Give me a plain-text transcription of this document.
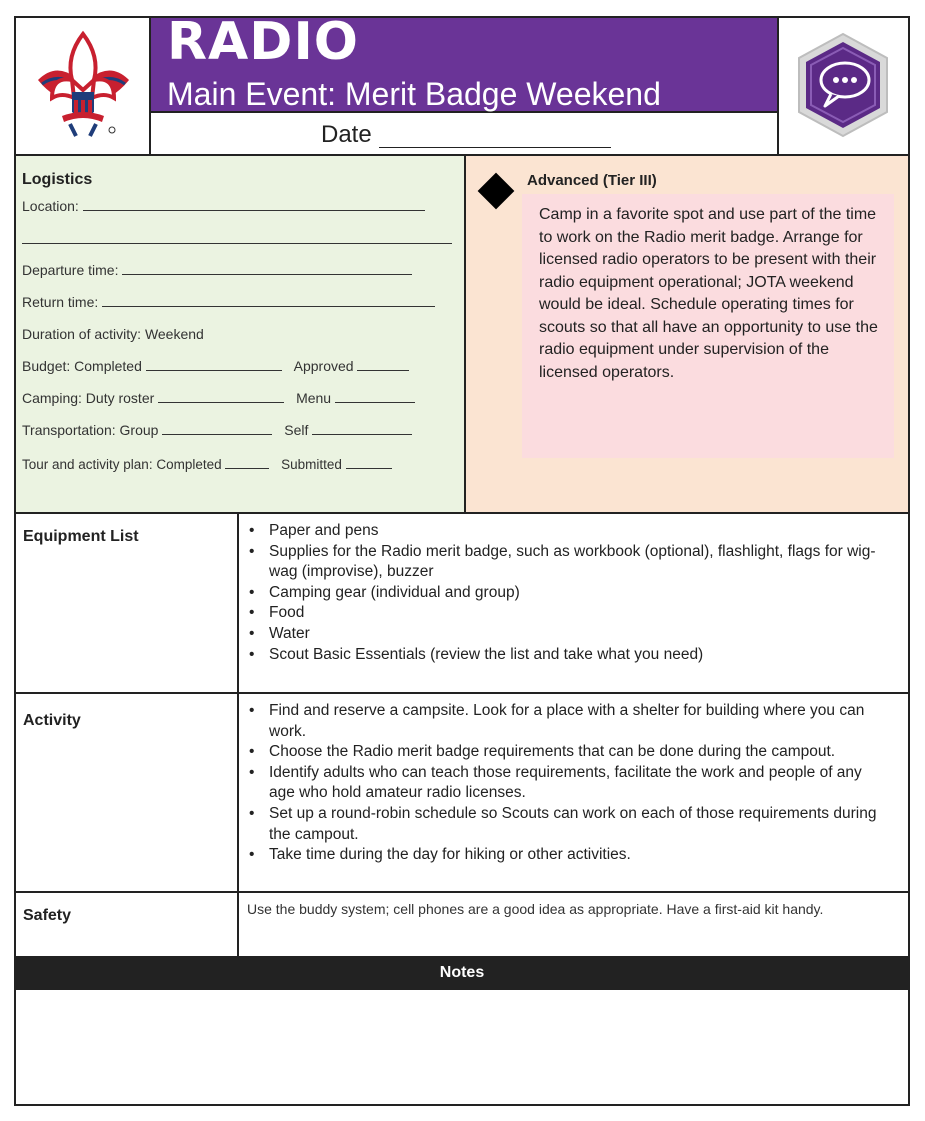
RADIO
Main Event: Merit Badge Weekend
Date
Logistics
Location:
Departure time:
Return time:
Duration of activity: Weekend
Budget: Completed	Approved
Camping: Duty roster	Menu
Transportation: Group	Self
Tour and activity plan: Completed	Submitted
Advanced (Tier III)
Camp in a favorite spot and use part of the time to work on the Radio merit badge. Arrange for licensed radio operators to be present with their radio equipment operational; JOTA weekend would be ideal. Schedule operating times for scouts so that all have an opportunity to use the radio equipment under supervision of the licensed operators.
Equipment List
•	Paper and pens
• Supplies for the Radio merit badge, such as workbook (optional), flashlight, flags for wig-wag (improvise), buzzer
• Camping gear (individual and group)
• Food
• Water
• Scout Basic Essentials (review the list and take what you need)
Activity
• Find and reserve a campsite. Look for a place with a shelter for building where you can work.
• Choose the Radio merit badge requirements that can be done during the campout.
• Identify adults who can teach those requirements, facilitate the work and people of any age who hold amateur radio licenses.
• Set up a round-robin schedule so Scouts can work on each of those requirements during the campout.
• Take time during the day for hiking or other activities.
Safety	Use the buddy system; cell phones are a good idea as appropriate. Have a first-aid kit handy.
Notes
